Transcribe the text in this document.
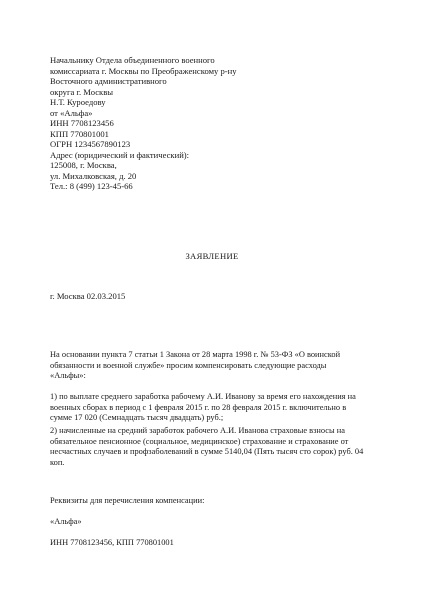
Начальнику Отдела объединенного военного
комиссариата г. Москвы по Преображенскому р-ну
Восточного административного
округа г. Москвы
Н.Т. Куроедову
от «Альфа»
ИНН 7708123456
КПП 770801001
ОГРН 1234567890123
Адрес (юридический и фактический):
125008, г. Москва,
ул. Михалковская, д. 20
Тел.: 8 (499) 123-45-66
ЗАЯВЛЕНИЕ
г. Москва 02.03.2015
На основании пункта 7 статьи 1 Закона от 28 марта 1998 г. № 53-ФЗ «О воинской
обязанности и военной службе» просим компенсировать следующие расходы
«Альфы»:
1) по выплате среднего заработка рабочему А.И. Иванову за время его нахождения на
военных сборах в период с 1 февраля 2015 г. по 28 февраля 2015 г. включительно в
сумме 17 020 (Семнадцать тысяч двадцать) руб.;
2) начисленные на средний заработок рабочего А.И. Иванова страховые взносы на
обязательное пенсионное (социальное, медицинское) страхование и страхование от
несчастных случаев и профзаболеваний в сумме 5140,04 (Пять тысяч сто сорок) руб. 04
коп.
Реквизиты для перечисления компенсации:
«Альфа»
ИНН 7708123456, КПП 770801001
